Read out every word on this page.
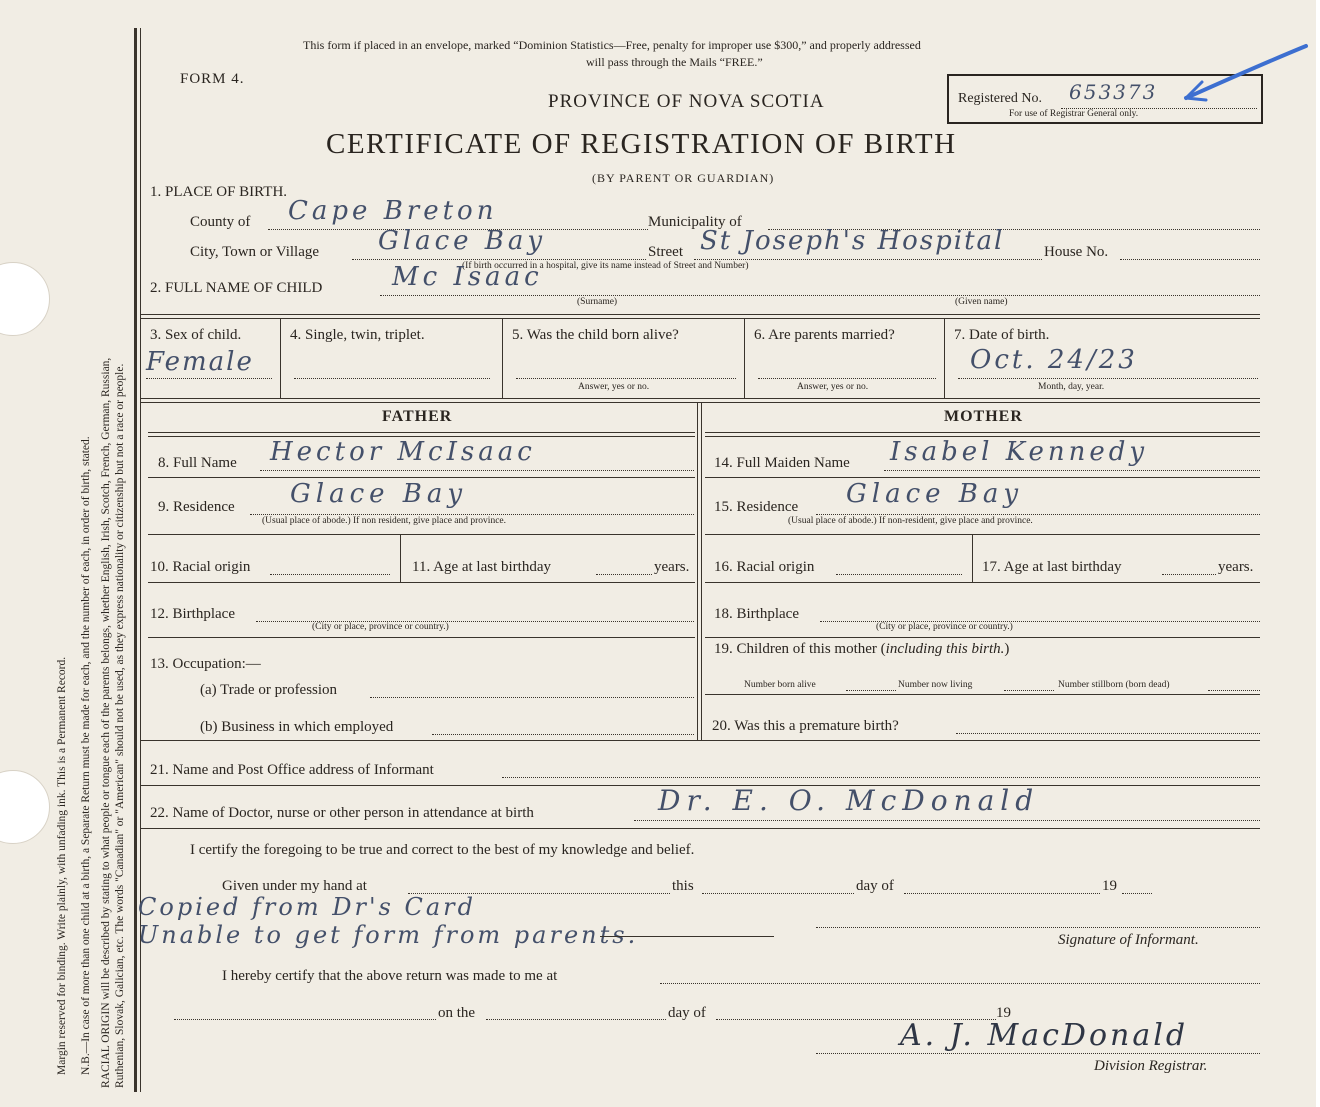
Margin reserved for binding. Write plainly, with unfading ink. This is a Permanent Record. N.B.—In case of more than one child at a birth, a Separate Return must be made for each, and the number of each, in order of birth, stated. RACIAL ORIGIN will be described by stating to what people or tongue each of the parents belongs, whether English, Irish, Scotch, French, German, Russian, Ruthenian, Slovak, Galician, etc. The words "Canadian" or "American" should not be used, as they express nationality or citizenship but not a race or people.
This form if placed in an envelope, marked “Dominion Statistics—Free, penalty for improper use $300,” and properly addressed
will pass through the Mails “FREE.”
FORM 4.
PROVINCE OF NOVA SCOTIA
CERTIFICATE OF REGISTRATION OF BIRTH
(BY PARENT OR GUARDIAN)
Registered No. 653373
For use of Registrar General only.
1. PLACE OF BIRTH.
County of Cape Breton	Municipality of
City, Town or Village Glace Bay	Street St Joseph's Hospital	House No.
(If birth occurred in a hospital, give its name instead of Street and Number)
2. FULL NAME OF CHILD	Mc Isaac
(Surname)	(Given name)
3. Sex of child.
Female
4. Single, twin, triplet.	5. Was the child born alive?
Answer, yes or no.
6. Are parents married?
Answer, yes or no.
7. Date of birth.
Oct. 24/23
Month, day, year.
FATHER	MOTHER
8. Full Name Hector McIsaac	14. Full Maiden Name Isabel Kennedy
9. Residence Glace Bay
(Usual place of abode.) If non resident, give place and province.
15. Residence Glace Bay
(Usual place of abode.) If non-resident, give place and province.
10. Racial origin	11. Age at last birthday	years. 16. Racial origin	17. Age at last birthday	years.
12. Birthplace
(City or place, province or country.)
18. Birthplace
(City or place, province or country.)
13. Occupation:—
(a) Trade or profession
(b) Business in which employed
19. Children of this mother (including this birth.)
Number born alive	Number now living	Number stillborn (born dead)
20. Was this a premature birth?
21. Name and Post Office address of Informant
22. Name of Doctor, nurse or other person in attendance at birth	Dr. E. O. McDonald
I certify the foregoing to be true and correct to the best of my knowledge and belief.
Given under my hand at	this	day of	19
Copied from Dr's Card
Unable to get form from parents.	Signature of Informant.
I hereby certify that the above return was made to me at
on the	day of	19
A. J. MacDonald
Division Registrar.
